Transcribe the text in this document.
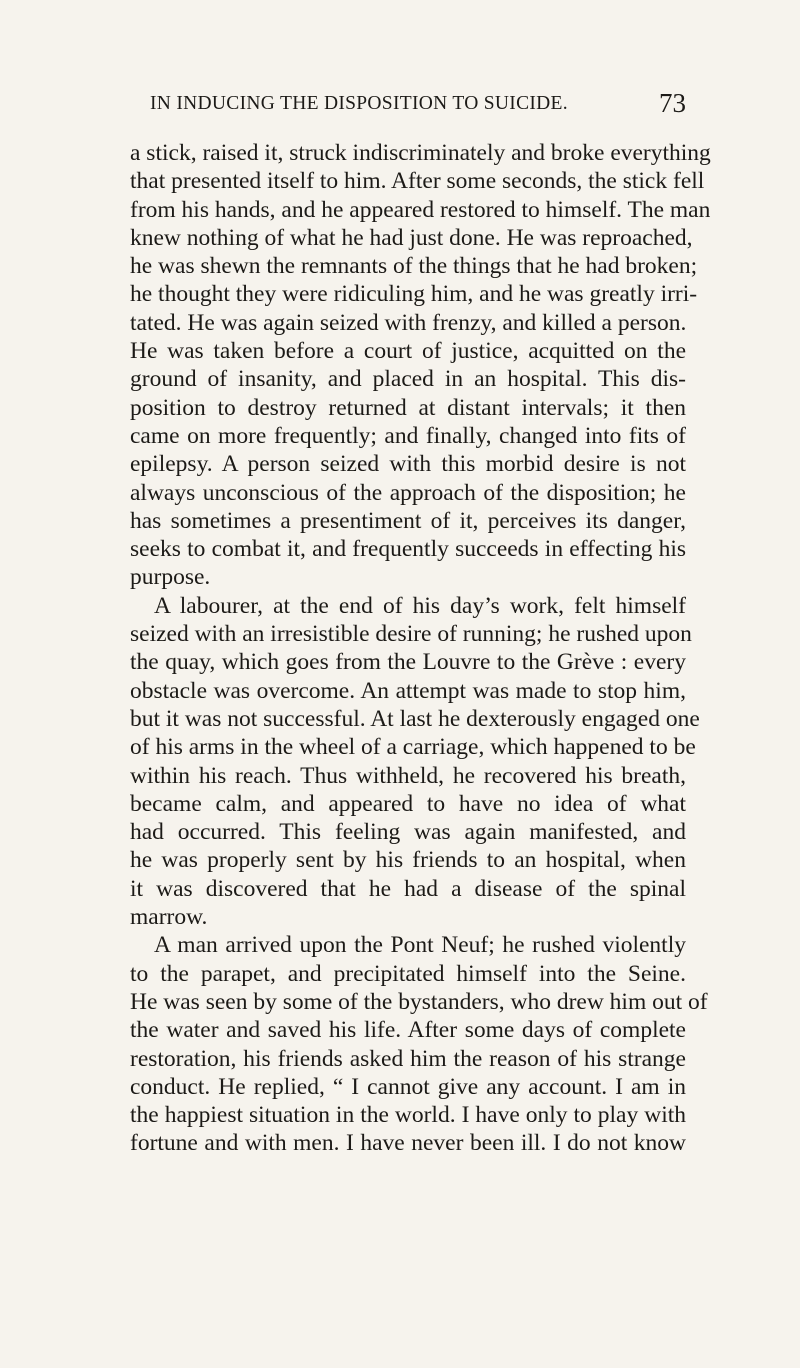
IN INDUCING THE DISPOSITION TO SUICIDE.	73
a stick, raised it, struck indiscriminately and broke everything
that presented itself to him. After some seconds, the stick fell
from his hands, and he appeared restored to himself. The man
knew nothing of what he had just done. He was reproached,
he was shewn the remnants of the things that he had broken;
he thought they were ridiculing him, and he was greatly irri-
tated. He was again seized with frenzy, and killed a person.
He was taken before a court of justice, acquitted on the
ground of insanity, and placed in an hospital. This dis-
position to destroy returned at distant intervals; it then
came on more frequently; and finally, changed into fits of
epilepsy. A person seized with this morbid desire is not
always unconscious of the approach of the disposition; he
has sometimes a presentiment of it, perceives its danger,
seeks to combat it, and frequently succeeds in effecting his
purpose.
A labourer, at the end of his day’s work, felt himself
seized with an irresistible desire of running; he rushed upon
the quay, which goes from the Louvre to the Grève : every
obstacle was overcome. An attempt was made to stop him,
but it was not successful. At last he dexterously engaged one
of his arms in the wheel of a carriage, which happened to be
within his reach. Thus withheld, he recovered his breath,
became calm, and appeared to have no idea of what
had occurred. This feeling was again manifested, and
he was properly sent by his friends to an hospital, when
it was discovered that he had a disease of the spinal
marrow.
A man arrived upon the Pont Neuf; he rushed violently
to the parapet, and precipitated himself into the Seine.
He was seen by some of the bystanders, who drew him out of
the water and saved his life. After some days of complete
restoration, his friends asked him the reason of his strange
conduct. He replied, “ I cannot give any account. I am in
the happiest situation in the world. I have only to play with
fortune and with men. I have never been ill. I do not know
